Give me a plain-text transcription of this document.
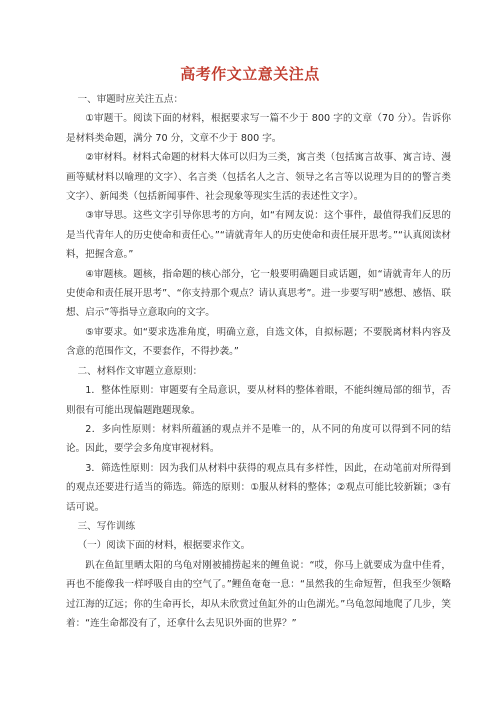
高考作文立意关注点

一、审题时应关注五点：

①审题干。阅读下面的材料，根据要求写一篇不少于 800 字的文章（70 分）。告诉你是材料类命题，满分 70 分，文章不少于 800 字。

②审材料。材料式命题的材料大体可以归为三类，寓言类（包括寓言故事、寓言诗、漫画等赋材料以喻理的文字）、名言类（包括名人之言、领导之名言等以说理为目的的警言类文字）、新闻类（包括新闻事件、社会现象等现实生活的表述性文字）。

③审导思。这些文字引导你思考的方向，如“有网友说：这个事件，最值得我们反思的是当代青年人的历史使命和责任心。”“请就青年人的历史使命和责任展开思考。”“认真阅读材料，把握含意。”

④审题核。题核，指命题的核心部分，它一般要明确题目或话题，如“请就青年人的历史使命和责任展开思考”、“你支持那个观点？请认真思考”。进一步要写明“感想、感悟、联想、启示”等指导立意取向的文字。

⑤审要求。如“要求选准角度，明确立意，自选文体，自拟标题；不要脱离材料内容及含意的范围作文，不要套作，不得抄袭。”

二、材料作文审题立意原则：

1．整体性原则：审题要有全局意识，要从材料的整体着眼，不能纠缠局部的细节，否则很有可能出现偏题跑题现象。

2．多向性原则：材料所蕴涵的观点并不是唯一的，从不同的角度可以得到不同的结论。因此，要学会多角度审视材料。

3．筛选性原则：因为我们从材料中获得的观点具有多样性，因此，在动笔前对所得到的观点还要进行适当的筛选。筛选的原则：①服从材料的整体；②观点可能比较新颖；③有话可说。

三、写作训练

（一）阅读下面的材料，根据要求作文。

趴在鱼缸里晒太阳的乌龟对刚被捕捞起来的鲤鱼说：“哎，你马上就要成为盘中佳肴，再也不能像我一样呼吸自由的空气了。”鲤鱼奄奄一息：“虽然我的生命短暂，但我至少领略过江海的辽远；你的生命再长，却从未欣赏过鱼缸外的山色湖光。”乌龟忽闻地爬了几步，笑着：“连生命都没有了，还拿什么去见识外面的世界？”
